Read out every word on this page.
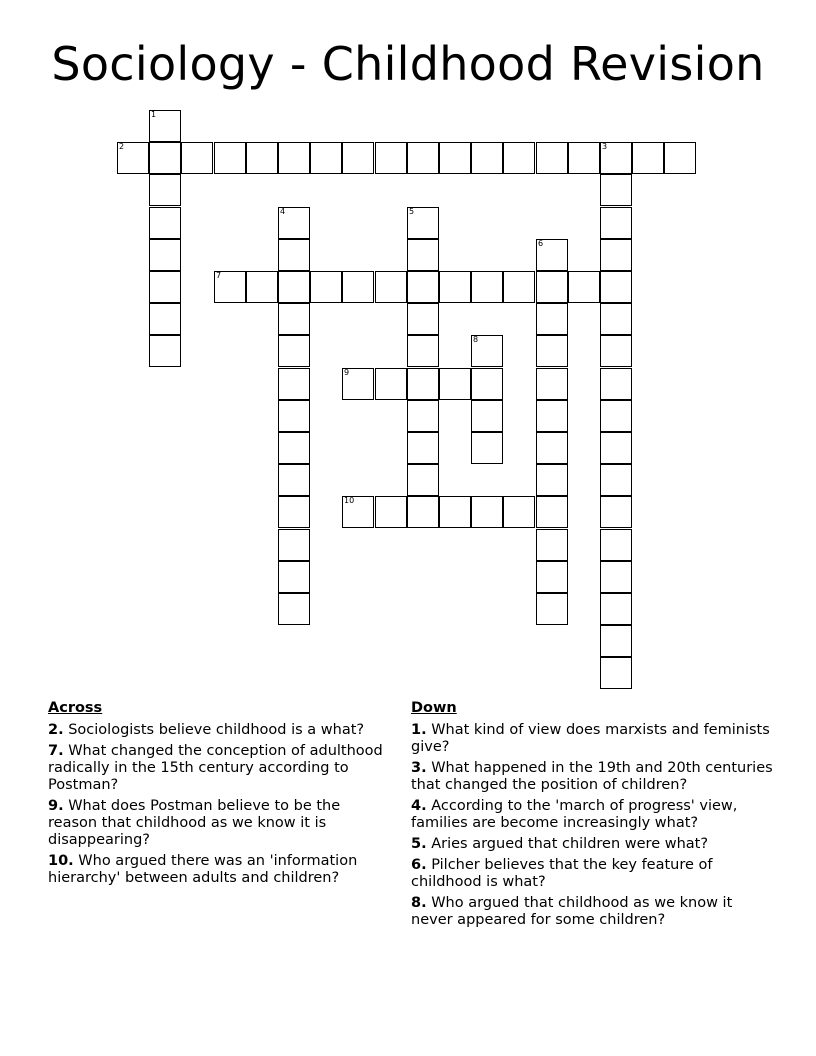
Sociology - Childhood Revision
1
2	3
4	5
6
7
8
9
10
Across
2. Sociologists believe childhood is a what?
7. What changed the conception of adulthood radically in the 15th century according to Postman?
9. What does Postman believe to be the reason that childhood as we know it is disappearing?
10. Who argued there was an 'information hierarchy' between adults and children?
Down
1. What kind of view does marxists and feminists give?
3. What happened in the 19th and 20th centuries that changed the position of children?
4. According to the 'march of progress' view, families are become increasingly what?
5. Aries argued that children were what?
6. Pilcher believes that the key feature of childhood is what?
8. Who argued that childhood as we know it never appeared for some children?
